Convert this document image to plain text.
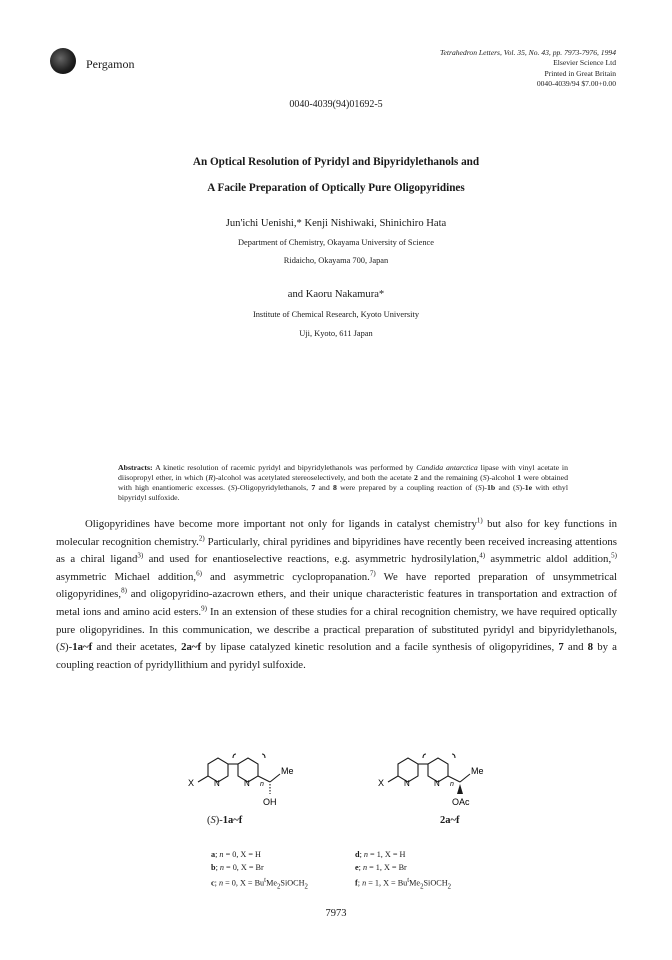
Pergamon
Tetrahedron Letters, Vol. 35, No. 43, pp. 7973-7976, 1994
Elsevier Science Ltd
Printed in Great Britain
0040-4039/94 $7.00+0.00
0040-4039(94)01692-5
An Optical Resolution of Pyridyl and Bipyridylethanols and
A Facile Preparation of Optically Pure Oligopyridines
Jun'ichi Uenishi,* Kenji Nishiwaki, Shinichiro Hata
Department of Chemistry, Okayama University of Science
Ridaicho, Okayama 700, Japan
and Kaoru Nakamura*
Institute of Chemical Research, Kyoto University
Uji, Kyoto, 611 Japan
Abstracts: A kinetic resolution of racemic pyridyl and bipyridylethanols was performed by Candida antarctica lipase with vinyl acetate in diisopropyl ether, in which (R)-alcohol was acetylated stereoselectively, and both the acetate 2 and the remaining (S)-alcohol 1 were obtained with high enantiomeric excesses. (S)-Oligopyridylethanols, 7 and 8 were prepared by a coupling reaction of (S)-1b and (S)-1e with ethyl bipyridyl sulfoxide.
Oligopyridines have become more important not only for ligands in catalyst chemistry$^{1)}$ but also for key functions in molecular recognition chemistry.$^{2)}$ Particularly, chiral pyridines and bipyridines have recently been received increasing attentions as a chiral ligand$^{3)}$ and used for enantioselective reactions, e.g. asymmetric hydrosilylation,$^{4)}$ asymmetric aldol addition,$^{5)}$ asymmetric Michael addition,$^{6)}$ and asymmetric cyclopropanation.$^{7)}$ We have reported preparation of unsymmetrical oligopyridines,$^{8)}$ and oligopyridino-azacrown ethers, and their unique characteristic features in transportation and extraction of metal ions and amino acid esters.$^{9)}$ In an extension of these studies for a chiral recognition chemistry, we have required optically pure oligopyridines. In this communication, we describe a practical preparation of substituted pyridyl and bipyridylethanols, (S)-1a~f and their acetates, 2a~f by lipase catalyzed kinetic resolution and a facile synthesis of oligopyridines, 7 and 8 by a coupling reaction of pyridyllithium and pyridyl sulfoxide.
X N	N n
Me
OH
(S)-1a~f
X N	N n
Me
OAc
2a~f
a; n = 0, X = H
b; n = 0, X = Br
c; n = 0, $X = Bu^tMe_2SiOCH_2$
d; n = 1, X = H
e; n = 1, X = Br
f; n = 1, $X = Bu^tMe_2SiOCH_2$
7973
